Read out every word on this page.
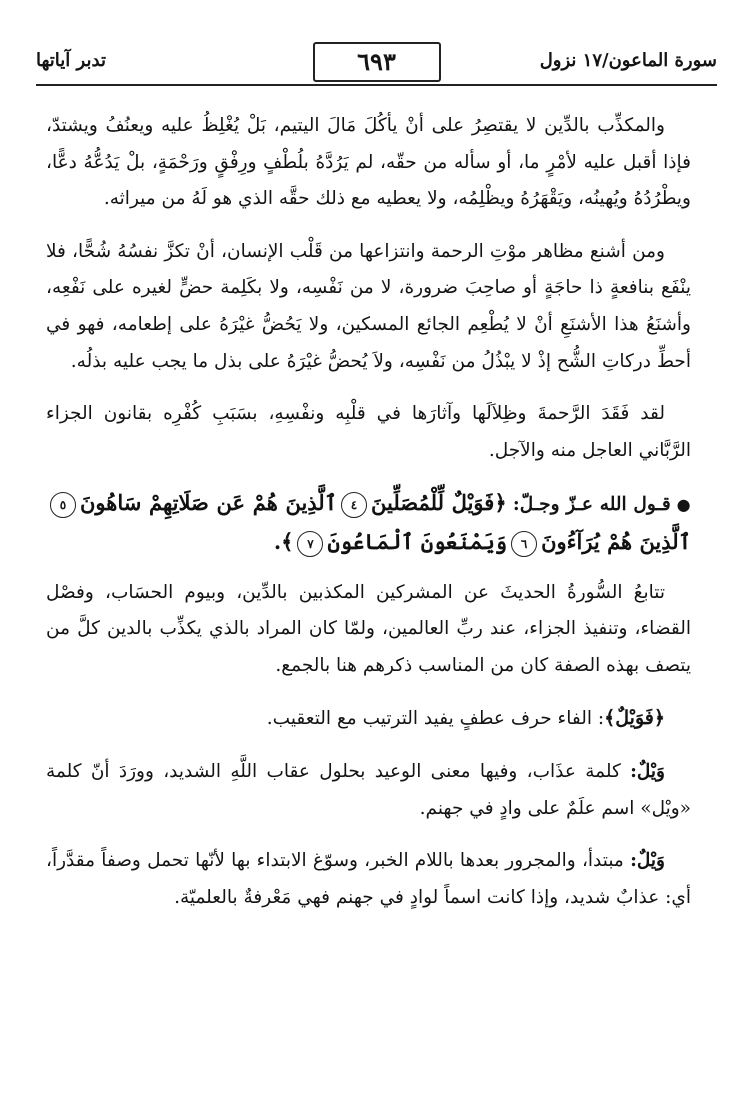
سورة الماعون/١٧ نزول
٦٩٣
تدبر آياتها

والمكذِّب بالدِّين لا يقتصِرُ على أنْ يأكُلَ مَالَ اليتيم، بَلْ يُغْلِظُ عليه ويعنُفُ ويشتدّ، فإذا أقبل عليه لأمْرٍ ما، أو سأله من حقّه، لم يَرُدَّهُ بلُطْفٍ ورِفْقٍ ورَحْمَةٍ، بلْ يَدُعُّهُ دعًّا، ويطْرُدُهُ ويُهينُه، ويَقْهَرُهُ ويظْلِمُه، ولا يعطيه مع ذلك حقَّه الذي هو لَهُ من ميراثه.

ومن أشنع مظاهر موْتِ الرحمة وانتزاعها من قَلْب الإنسان، أنْ تكزَّ نفسُهُ شُحًّا، فلا ينْفَع بنافعةٍ ذا حاجَةٍ أو صاحِبَ ضرورة، لا من نَفْسِه، ولا بكَلِمة حضٍّ لغيره على نَفْعِه، وأشنَعُ هذا الأشنَعِ أنْ لا يُطْعِم الجائع المسكين، ولا يَحُضُّ غيْرَهُ على إطعامه، فهو في أحطِّ دركاتِ الشُّح إذْ لا يبْذُلُ من نَفْسِه، ولاَ يُحضُّ غيْرَهُ على بذل ما يجب عليه بذلُه.

لقد فَقَدَ الرَّحمةَ وظِلاَلَها وآثارَها في قلْبِه ونفْسِهِ، بسَبَبِ كُفْرِه بقانون الجزاء الرَّبَّاني العاجل منه والآجل.

●قـول الله عـزّ وجـلّ: ﴿فَوَيْلٌ لِّلْمُصَلِّينَ٤ٱلَّذِينَ هُمْ عَن صَلَاتِهِمْ سَاهُونَ٥ٱلَّذِينَ هُمْ يُرَآءُونَ٦وَيَمْنَعُونَ ٱلْمَاعُونَ٧﴾.

تتابعُ السُّورةُ الحديثَ عن المشركين المكذبين بالدِّين، وبيوم الحسَاب، وفصْل القضاء، وتنفيذ الجزاء، عند ربِّ العالمين، ولمّا كان المراد بالذي يكذِّب بالدين كلَّ من يتصف بهذه الصفة كان من المناسب ذكرهم هنا بالجمع.

﴿فَوَيْلٌ﴾: الفاء حرف عطفٍ يفيد الترتيب مع التعقيب.

وَيْلٌ: كلمة عذَاب، وفيها معنى الوعيد بحلول عقاب اللَّهِ الشديد، وورَدَ أنّ كلمة «ويْل» اسم علَمٌ على وادٍ في جهنم.

وَيْلٌ: مبتدأ، والمجرور بعدها باللام الخبر، وسوّغ الابتداء بها لأنّها تحمل وصفاً مقدَّراً، أي: عذابٌ شديد، وإذا كانت اسماً لوادٍ في جهنم فهي مَعْرفةٌ بالعلميّة.
